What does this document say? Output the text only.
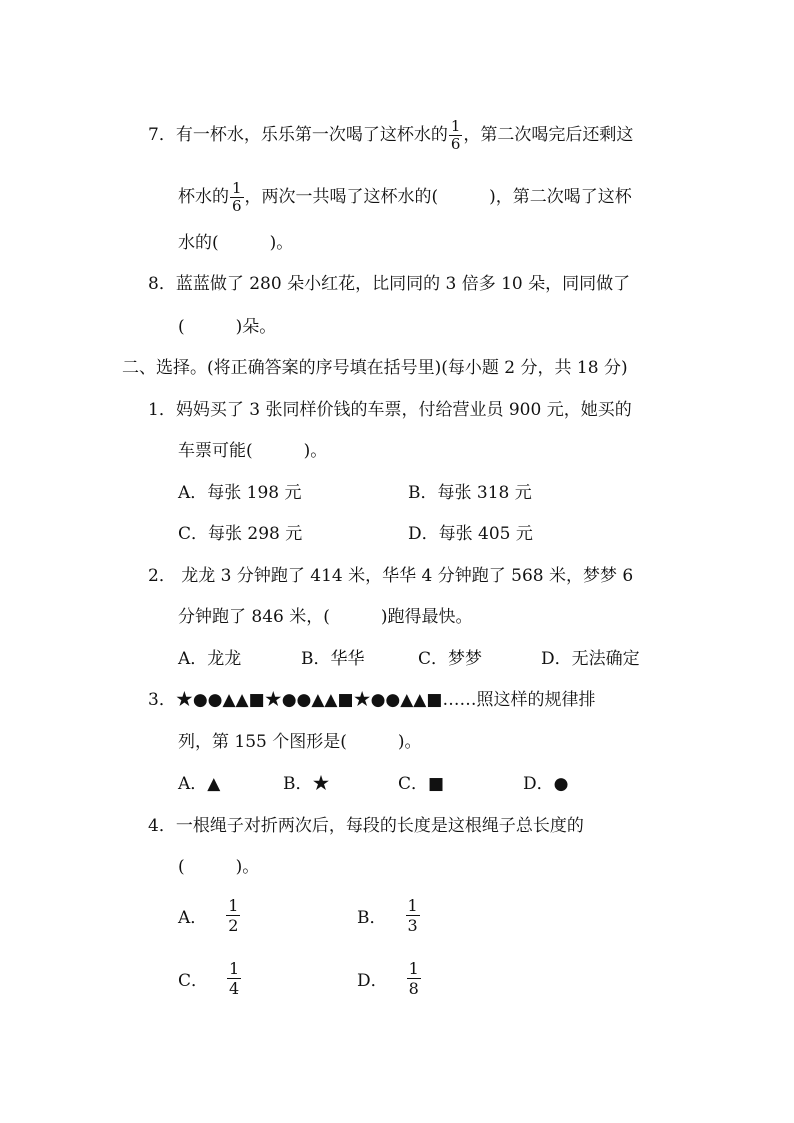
7．有一杯水，乐乐第一次喝了这杯水的 $\frac{1}{6}$ ，第二次喝完后还剩这
杯水的 $\frac{1}{6}$ ，两次一共喝了这杯水的(　　　)，第二次喝了这杯
水的(　　　)。
8．蓝蓝做了 280 朵小红花，比同同的 3 倍多 10 朵，同同做了
(　　　)朵。
二、选择。(将正确答案的序号填在括号里)(每小题 2 分，共 18 分)
1．妈妈买了 3 张同样价钱的车票，付给营业员 900 元，她买的
车票可能(　　　)。
A．每张 198 元	B．每张 318 元
C．每张 298 元	D．每张 405 元
2． 龙龙 3 分钟跑了 414 米，华华 4 分钟跑了 568 米，梦梦 6
分钟跑了 846 米，(　　　)跑得最快。
A．龙龙	B．华华	C．梦梦	D．无法确定
3．★●●▲▲■★●●▲▲■★●●▲▲■……照这样的规律排
列，第 155 个图形是(　　　)。
A．▲	B．★	C．■	D．●
4．一根绳子对折两次后，每段的长度是这根绳子总长度的
(　　　)。
A． $\frac{1}{2}$	B． $\frac{1}{3}$
C． $\frac{1}{4}$	D． $\frac{1}{8}$
